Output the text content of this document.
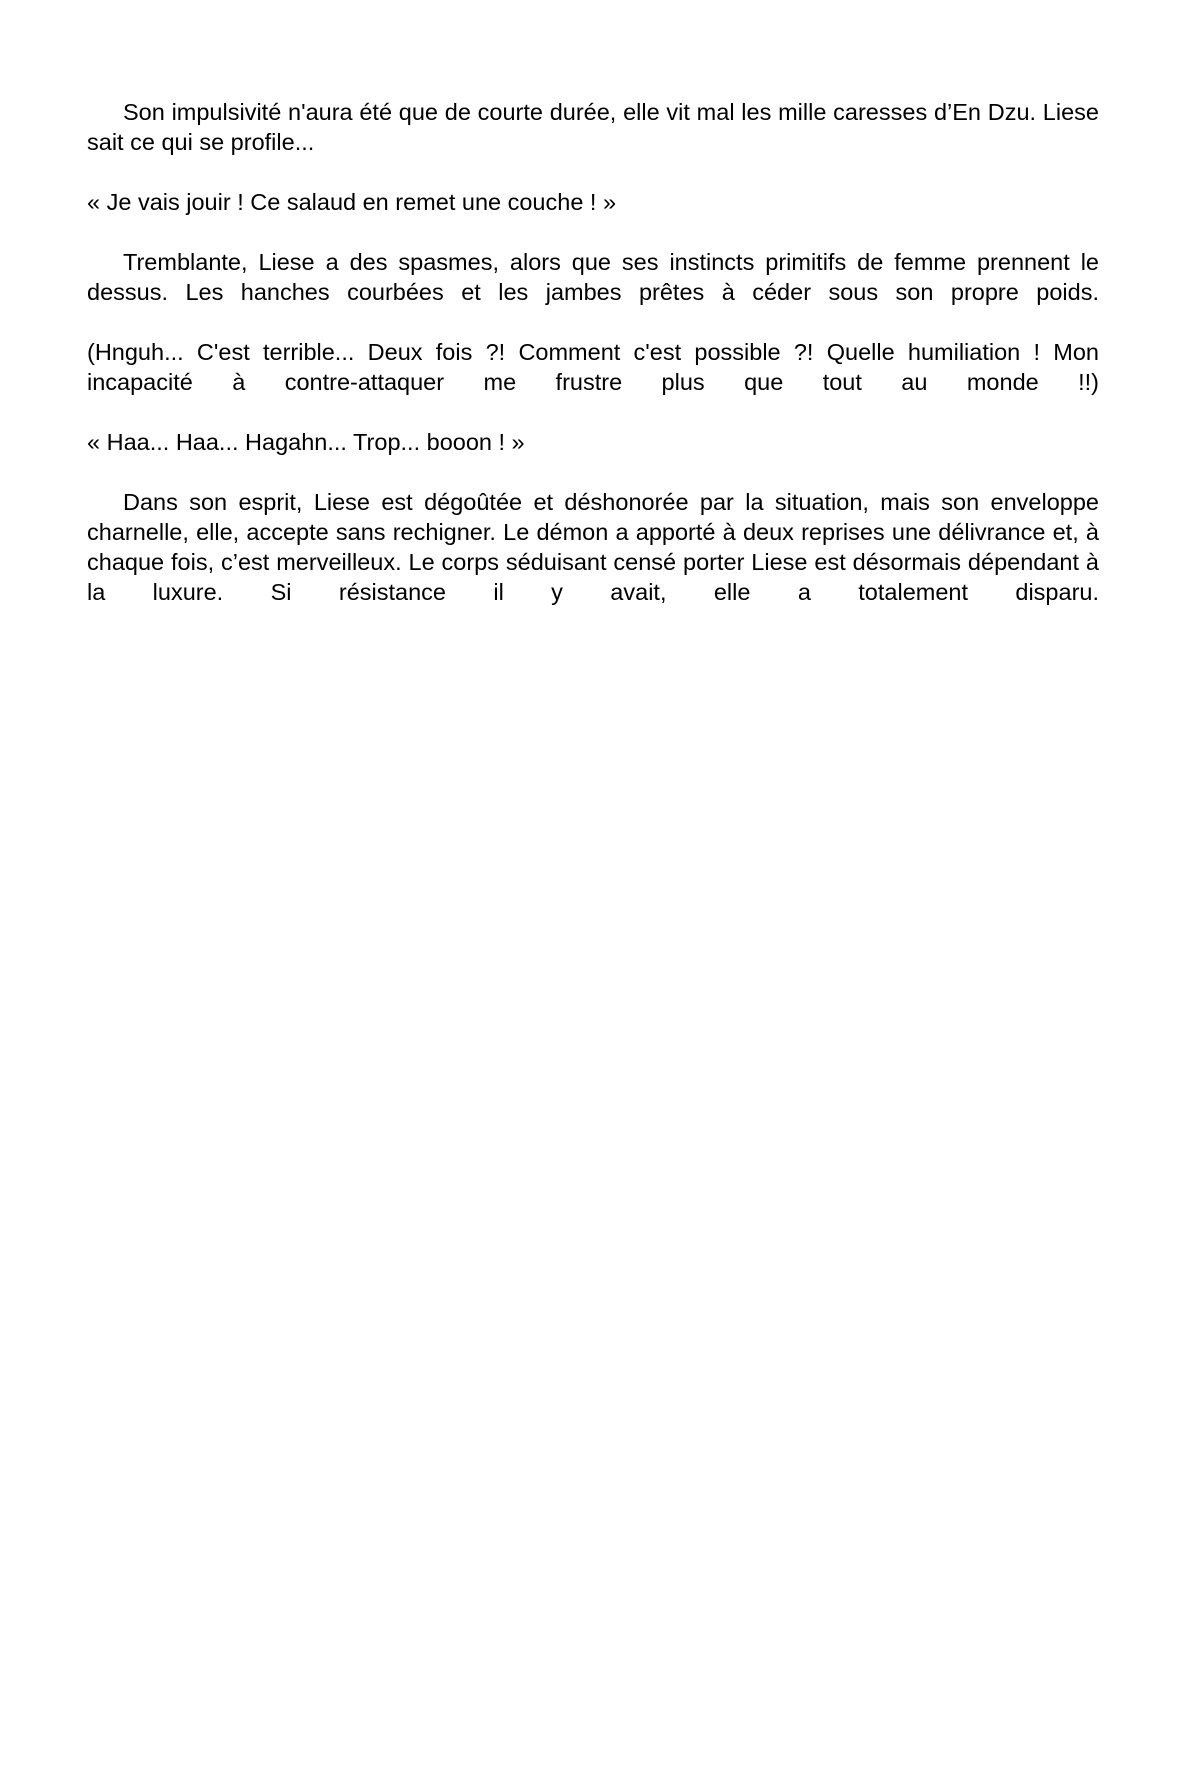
Son impulsivité n'aura été que de courte durée, elle vit mal les mille caresses d’En Dzu. Liese sait ce qui se profile...

« Je vais jouir ! Ce salaud en remet une couche ! »

Tremblante, Liese a des spasmes, alors que ses instincts primitifs de femme prennent le dessus. Les hanches courbées et les jambes prêtes à céder sous son propre poids.

(Hnguh... C'est terrible... Deux fois ?! Comment c'est possible ?! Quelle humiliation ! Mon incapacité à contre-attaquer me frustre plus que tout au monde !!)

« Haa... Haa... Hagahn... Trop... booon ! »

Dans son esprit, Liese est dégoûtée et déshonorée par la situation, mais son enveloppe charnelle, elle, accepte sans rechigner. Le démon a apporté à deux reprises une délivrance et, à chaque fois, c’est merveilleux. Le corps séduisant censé porter Liese est désormais dépendant à la luxure. Si résistance il y avait, elle a totalement disparu.
